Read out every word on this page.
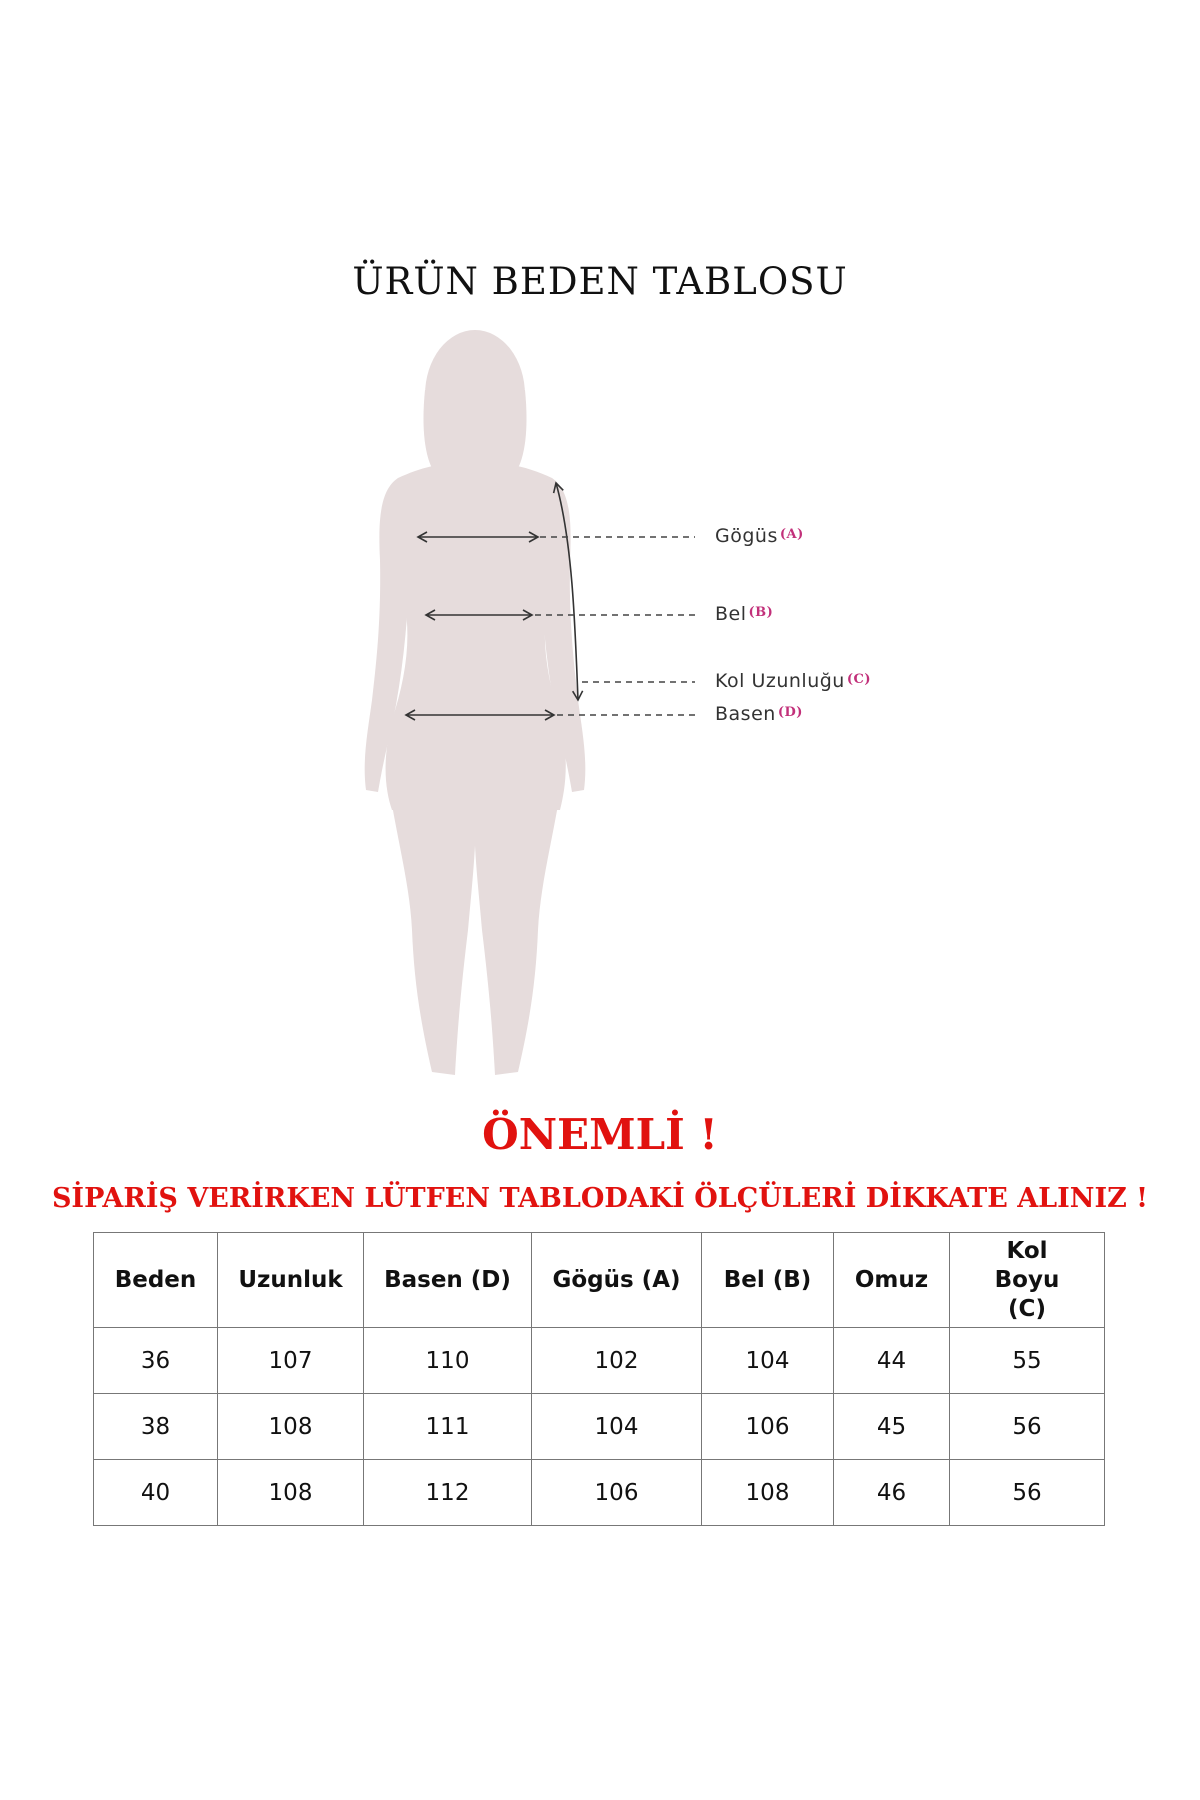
ÜRÜN BEDEN TABLOSU
Gögüs $^{(A)}$
Bel $^{(B)}$
Kol Uzunluğu $^{(C)}$
Basen $^{(D)}$
ÖNEMLİ !
SİPARİŞ VERİRKEN LÜTFEN TABLODAKİ ÖLÇÜLERİ DİKKATE ALINIZ !
Beden	Uzunluk	Basen (D)	Gögüs (A)	Bel (B)	Omuz	Kol Boyu (C)
36	107	110	102	104	44	55
38	108	111	104	106	45	56
40	108	112	106	108	46	56
